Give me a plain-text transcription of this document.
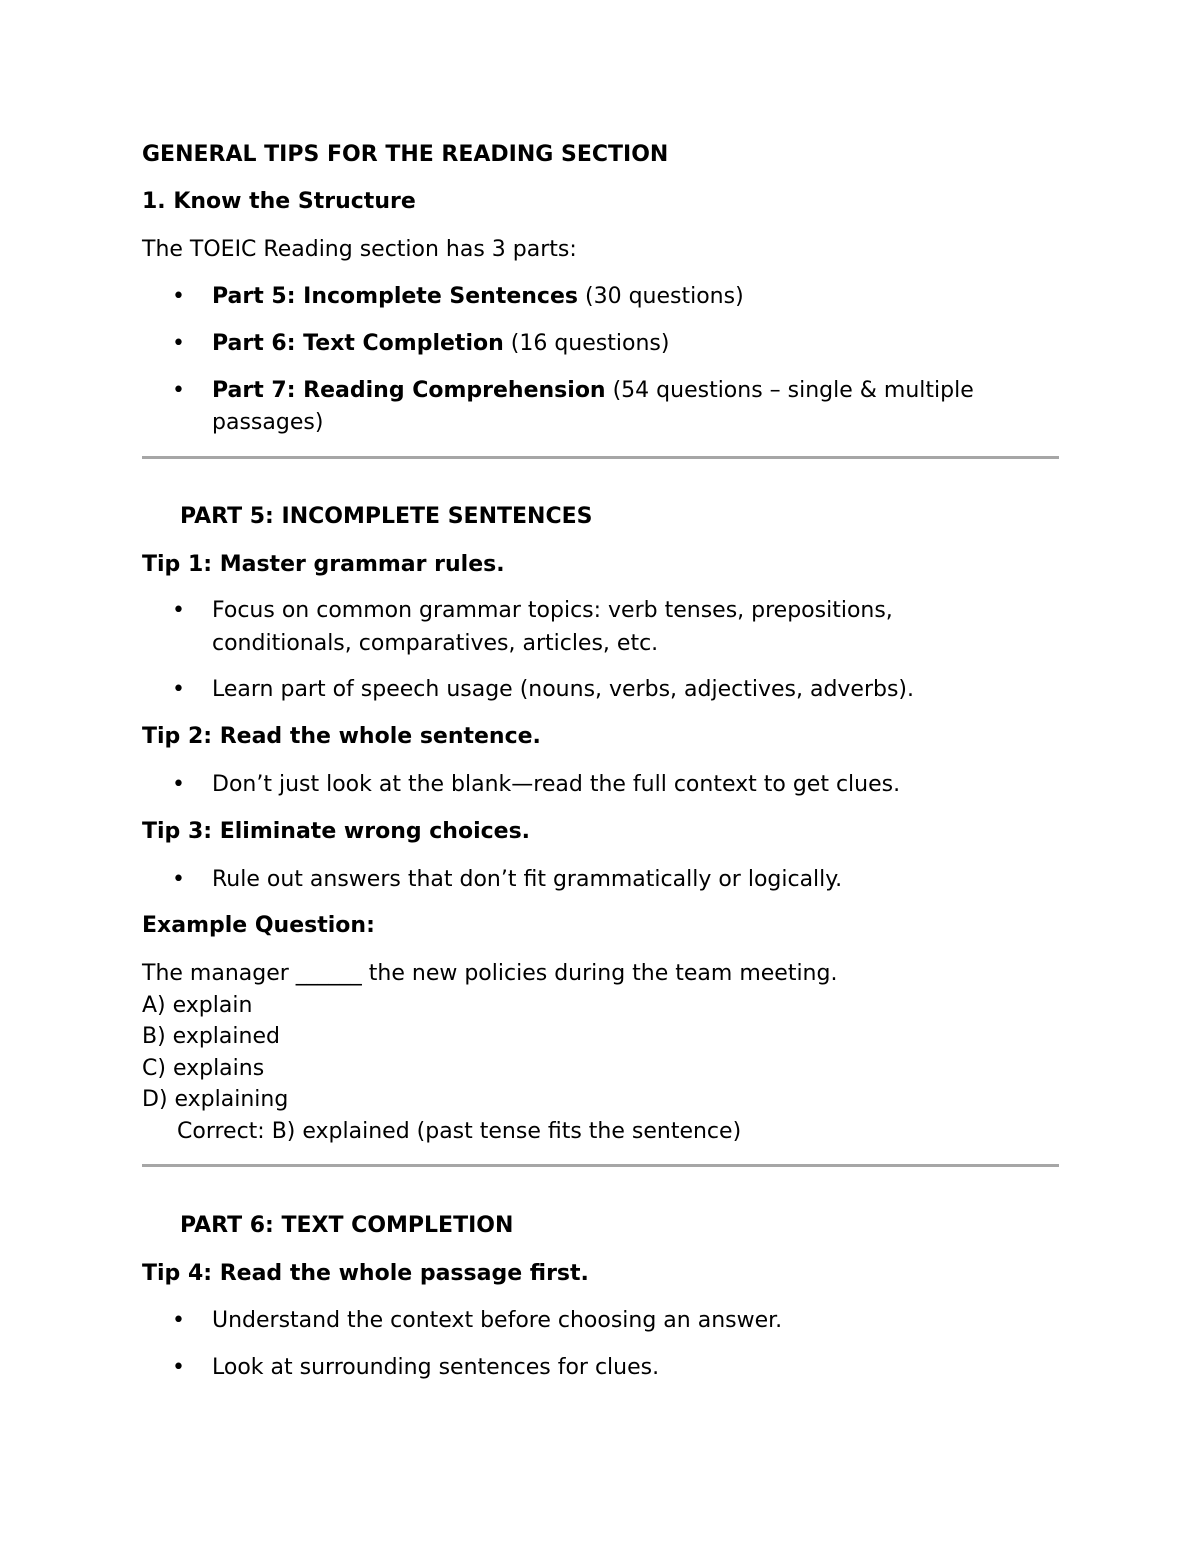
GENERAL TIPS FOR THE READING SECTION

1. Know the Structure

The TOEIC Reading section has 3 parts:

• Part 5: Incomplete Sentences (30 questions)

• Part 6: Text Completion (16 questions)

• Part 7: Reading Comprehension (54 questions – single & multiple

passages)

PART 5: INCOMPLETE SENTENCES

Tip 1: Master grammar rules.

• Focus on common grammar topics: verb tenses, prepositions,

conditionals, comparatives, articles, etc.

• Learn part of speech usage (nouns, verbs, adjectives, adverbs).

Tip 2: Read the whole sentence.

• Don’t just look at the blank—read the full context to get clues.

Tip 3: Eliminate wrong choices.

• Rule out answers that don’t fit grammatically or logically.

Example Question:

The manager ______ the new policies during the team meeting.

A) explain

B) explained

C) explains

D) explaining

Correct: B) explained (past tense fits the sentence)

PART 6: TEXT COMPLETION

Tip 4: Read the whole passage first.

• Understand the context before choosing an answer.

• Look at surrounding sentences for clues.
